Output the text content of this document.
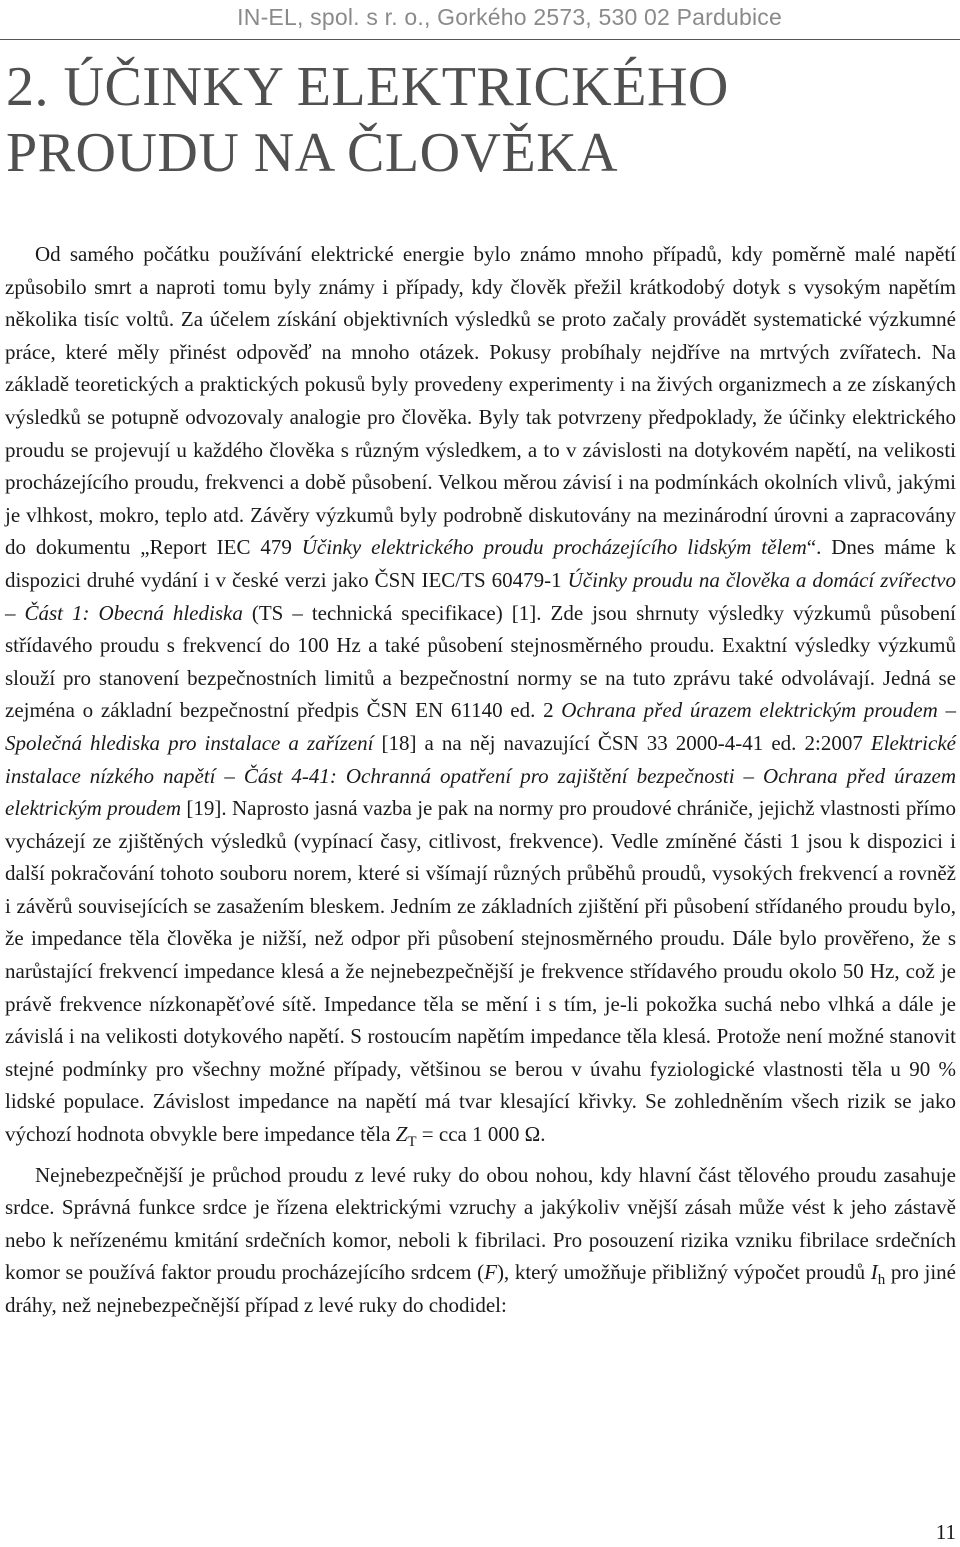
IN-EL, spol. s r. o., Gorkého 2573, 530 02 Pardubice
2. ÚČINKY ELEKTRICKÉHO
PROUDU NA ČLOVĚKA

Od samého počátku používání elektrické energie bylo známo mnoho případů, kdy poměrně malé napětí způsobilo smrt a naproti tomu byly známy i případy, kdy člověk přežil krátkodobý dotyk s vysokým napětím několika tisíc voltů. Za účelem získání objektivních výsledků se proto začaly provádět systematické výzkumné práce, které měly přinést odpověď na mnoho otázek. Pokusy probíhaly nejdříve na mrtvých zvířatech. Na základě teoretických a praktických pokusů byly provedeny experimenty i na živých organizmech a ze získaných výsledků se potupně odvozovaly analogie pro člověka. Byly tak potvrzeny předpoklady, že účinky elektrického proudu se projevují u každého člověka s různým výsledkem, a to v závislosti na dotykovém napětí, na velikosti procházejícího proudu, frekvenci a době působení. Velkou měrou závisí i na podmínkách okolních vlivů, jakými je vlhkost, mokro, teplo atd. Závěry výzkumů byly podrobně diskutovány na mezinárodní úrovni a zapracovány do dokumentu „Report IEC 479 Účinky elektrického proudu procházejícího lidským tělem“. Dnes máme k dispozici druhé vydání i v české verzi jako ČSN IEC/TS 60479-1 Účinky proudu na člověka a domácí zvířectvo – Část 1: Obecná hlediska (TS – technická specifikace) [1]. Zde jsou shrnuty výsledky výzkumů působení střídavého proudu s frekvencí do 100 Hz a také působení stejnosměrného proudu. Exaktní výsledky výzkumů slouží pro stanovení bezpečnostních limitů a bezpečnostní normy se na tuto zprávu také odvolávají. Jedná se zejména o základní bezpečnostní předpis ČSN EN 61140 ed. 2 Ochrana před úrazem elektrickým proudem – Společná hlediska pro instalace a zařízení [18] a na něj navazující ČSN 33 2000-4-41 ed. 2:2007 Elektrické instalace nízkého napětí – Část 4-41: Ochranná opatření pro zajištění bezpečnosti – Ochrana před úrazem elektrickým proudem [19]. Naprosto jasná vazba je pak na normy pro proudové chrániče, jejichž vlastnosti přímo vycházejí ze zjištěných výsledků (vypínací časy, citlivost, frekvence). Vedle zmíněné části 1 jsou k dispozici i další pokračování tohoto souboru norem, které si všímají různých průběhů proudů, vysokých frekvencí a rovněž i závěrů souvisejících se zasažením bleskem. Jedním ze základních zjištění při působení střídaného proudu bylo, že impedance těla člověka je nižší, než odpor při působení stejnosměrného proudu. Dále bylo prověřeno, že s narůstající frekvencí impedance klesá a že nejnebezpečnější je frekvence střídavého proudu okolo 50 Hz, což je právě frekvence nízkonapěťové sítě. Impedance těla se mění i s tím, je-li pokožka suchá nebo vlhká a dále je závislá i na velikosti dotykového napětí. S rostoucím napětím impedance těla klesá. Protože není možné stanovit stejné podmínky pro všechny možné případy, většinou se berou v úvahu fyziologické vlastnosti těla u 90 % lidské populace. Závislost impedance na napětí má tvar klesající křivky. Se zohledněním všech rizik se jako výchozí hodnota obvykle bere impedance těla $Z_T$ = cca 1 000 Ω.

Nejnebezpečnější je průchod proudu z levé ruky do obou nohou, kdy hlavní část tělového proudu zasahuje srdce. Správná funkce srdce je řízena elektrickými vzruchy a jakýkoliv vnější zásah může vést k jeho zástavě nebo k neřízenému kmitání srdečních komor, neboli k fibrilaci. Pro posouzení rizika vzniku fibrilace srdečních komor se používá faktor proudu procházejícího srdcem (F), který umožňuje přibližný výpočet proudů $I_h$ pro jiné dráhy, než nejnebezpečnější případ z levé ruky do chodidel:

11
